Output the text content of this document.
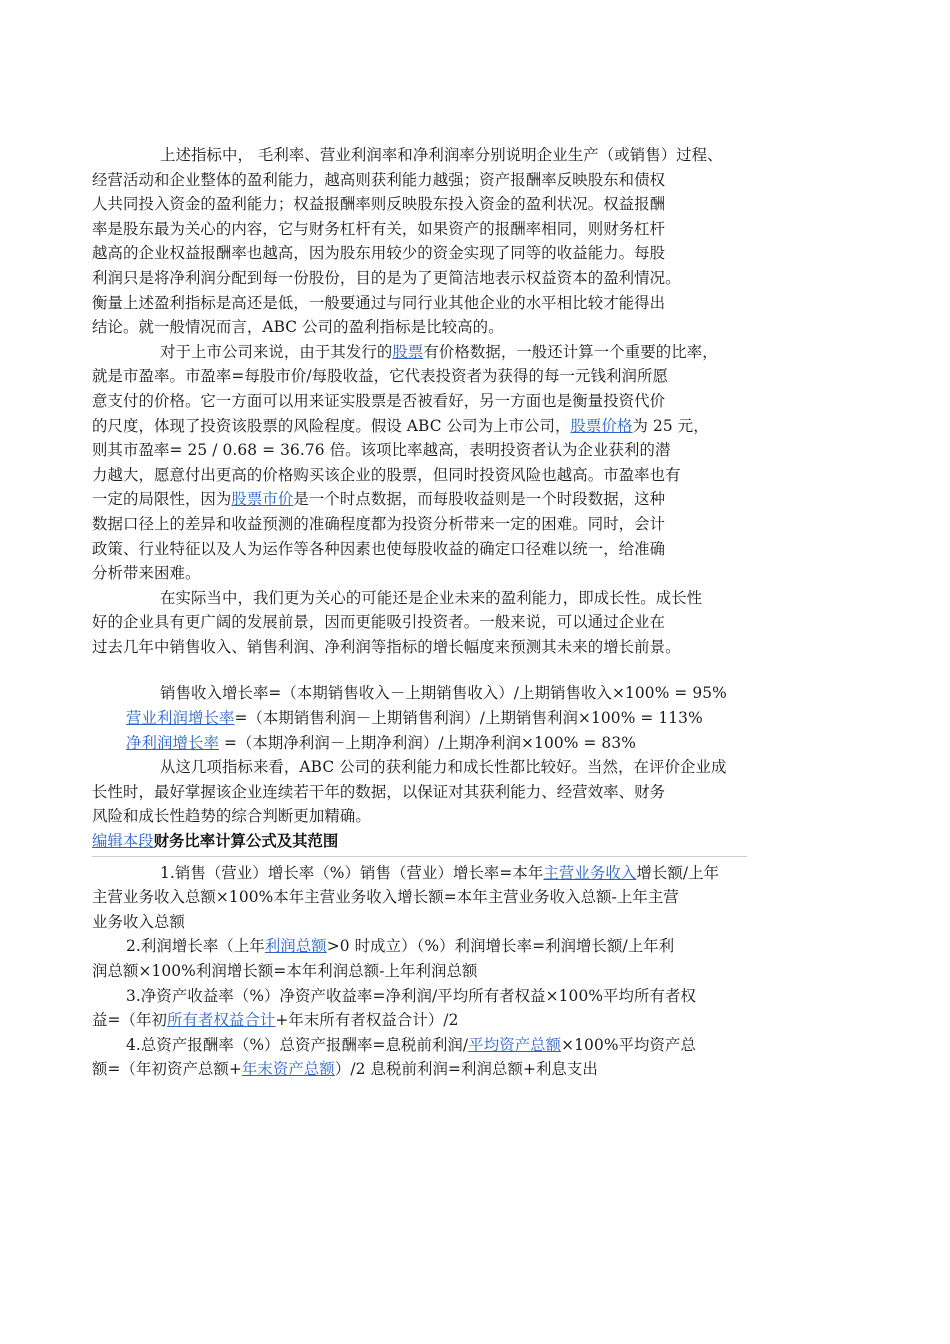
上述指标中， 毛利率、营业利润率和净利润率分别说明企业生产（或销售）过程、
经营活动和企业整体的盈利能力，越高则获利能力越强；资产报酬率反映股东和债权
人共同投入资金的盈利能力；权益报酬率则反映股东投入资金的盈利状况。权益报酬
率是股东最为关心的内容，它与财务杠杆有关，如果资产的报酬率相同，则财务杠杆
越高的企业权益报酬率也越高，因为股东用较少的资金实现了同等的收益能力。每股
利润只是将净利润分配到每一份股份，目的是为了更简洁地表示权益资本的盈利情况。
衡量上述盈利指标是高还是低，一般要通过与同行业其他企业的水平相比较才能得出
结论。就一般情况而言，ABC 公司的盈利指标是比较高的。
对于上市公司来说，由于其发行的股票有价格数据，一般还计算一个重要的比率，
就是市盈率。市盈率=每股市价/每股收益，它代表投资者为获得的每一元钱利润所愿
意支付的价格。它一方面可以用来证实股票是否被看好，另一方面也是衡量投资代价
的尺度，体现了投资该股票的风险程度。假设 ABC 公司为上市公司，股票价格为 25 元，
则其市盈率= 25 / 0.68 = 36.76 倍。该项比率越高，表明投资者认为企业获利的潜
力越大，愿意付出更高的价格购买该企业的股票，但同时投资风险也越高。市盈率也有
一定的局限性，因为股票市价是一个时点数据，而每股收益则是一个时段数据，这种
数据口径上的差异和收益预测的准确程度都为投资分析带来一定的困难。同时，会计
政策、行业特征以及人为运作等各种因素也使每股收益的确定口径难以统一，给准确
分析带来困难。
在实际当中，我们更为关心的可能还是企业未来的盈利能力，即成长性。成长性
好的企业具有更广阔的发展前景，因而更能吸引投资者。一般来说，可以通过企业在
过去几年中销售收入、销售利润、净利润等指标的增长幅度来预测其未来的增长前景。
销售收入增长率=（本期销售收入－上期销售收入）/上期销售收入×100% = 95%
营业利润增长率=（本期销售利润－上期销售利润）/上期销售利润×100% = 113%
净利润增长率 =（本期净利润－上期净利润）/上期净利润×100% = 83%
从这几项指标来看，ABC 公司的获利能力和成长性都比较好。当然，在评价企业成
长性时，最好掌握该企业连续若干年的数据，以保证对其获利能力、经营效率、财务
风险和成长性趋势的综合判断更加精确。
编辑本段财务比率计算公式及其范围
1.销售（营业）增长率（%）销售（营业）增长率=本年主营业务收入增长额/上年
主营业务收入总额×100%本年主营业务收入增长额=本年主营业务收入总额-上年主营
业务收入总额
2.利润增长率（上年利润总额>0 时成立）（%）利润增长率=利润增长额/上年利
润总额×100%利润增长额=本年利润总额-上年利润总额
3.净资产收益率（%）净资产收益率=净利润/平均所有者权益×100%平均所有者权
益=（年初所有者权益合计+年末所有者权益合计）/2
4.总资产报酬率（%）总资产报酬率=息税前利润/平均资产总额×100%平均资产总
额=（年初资产总额+年末资产总额）/2 息税前利润=利润总额+利息支出
